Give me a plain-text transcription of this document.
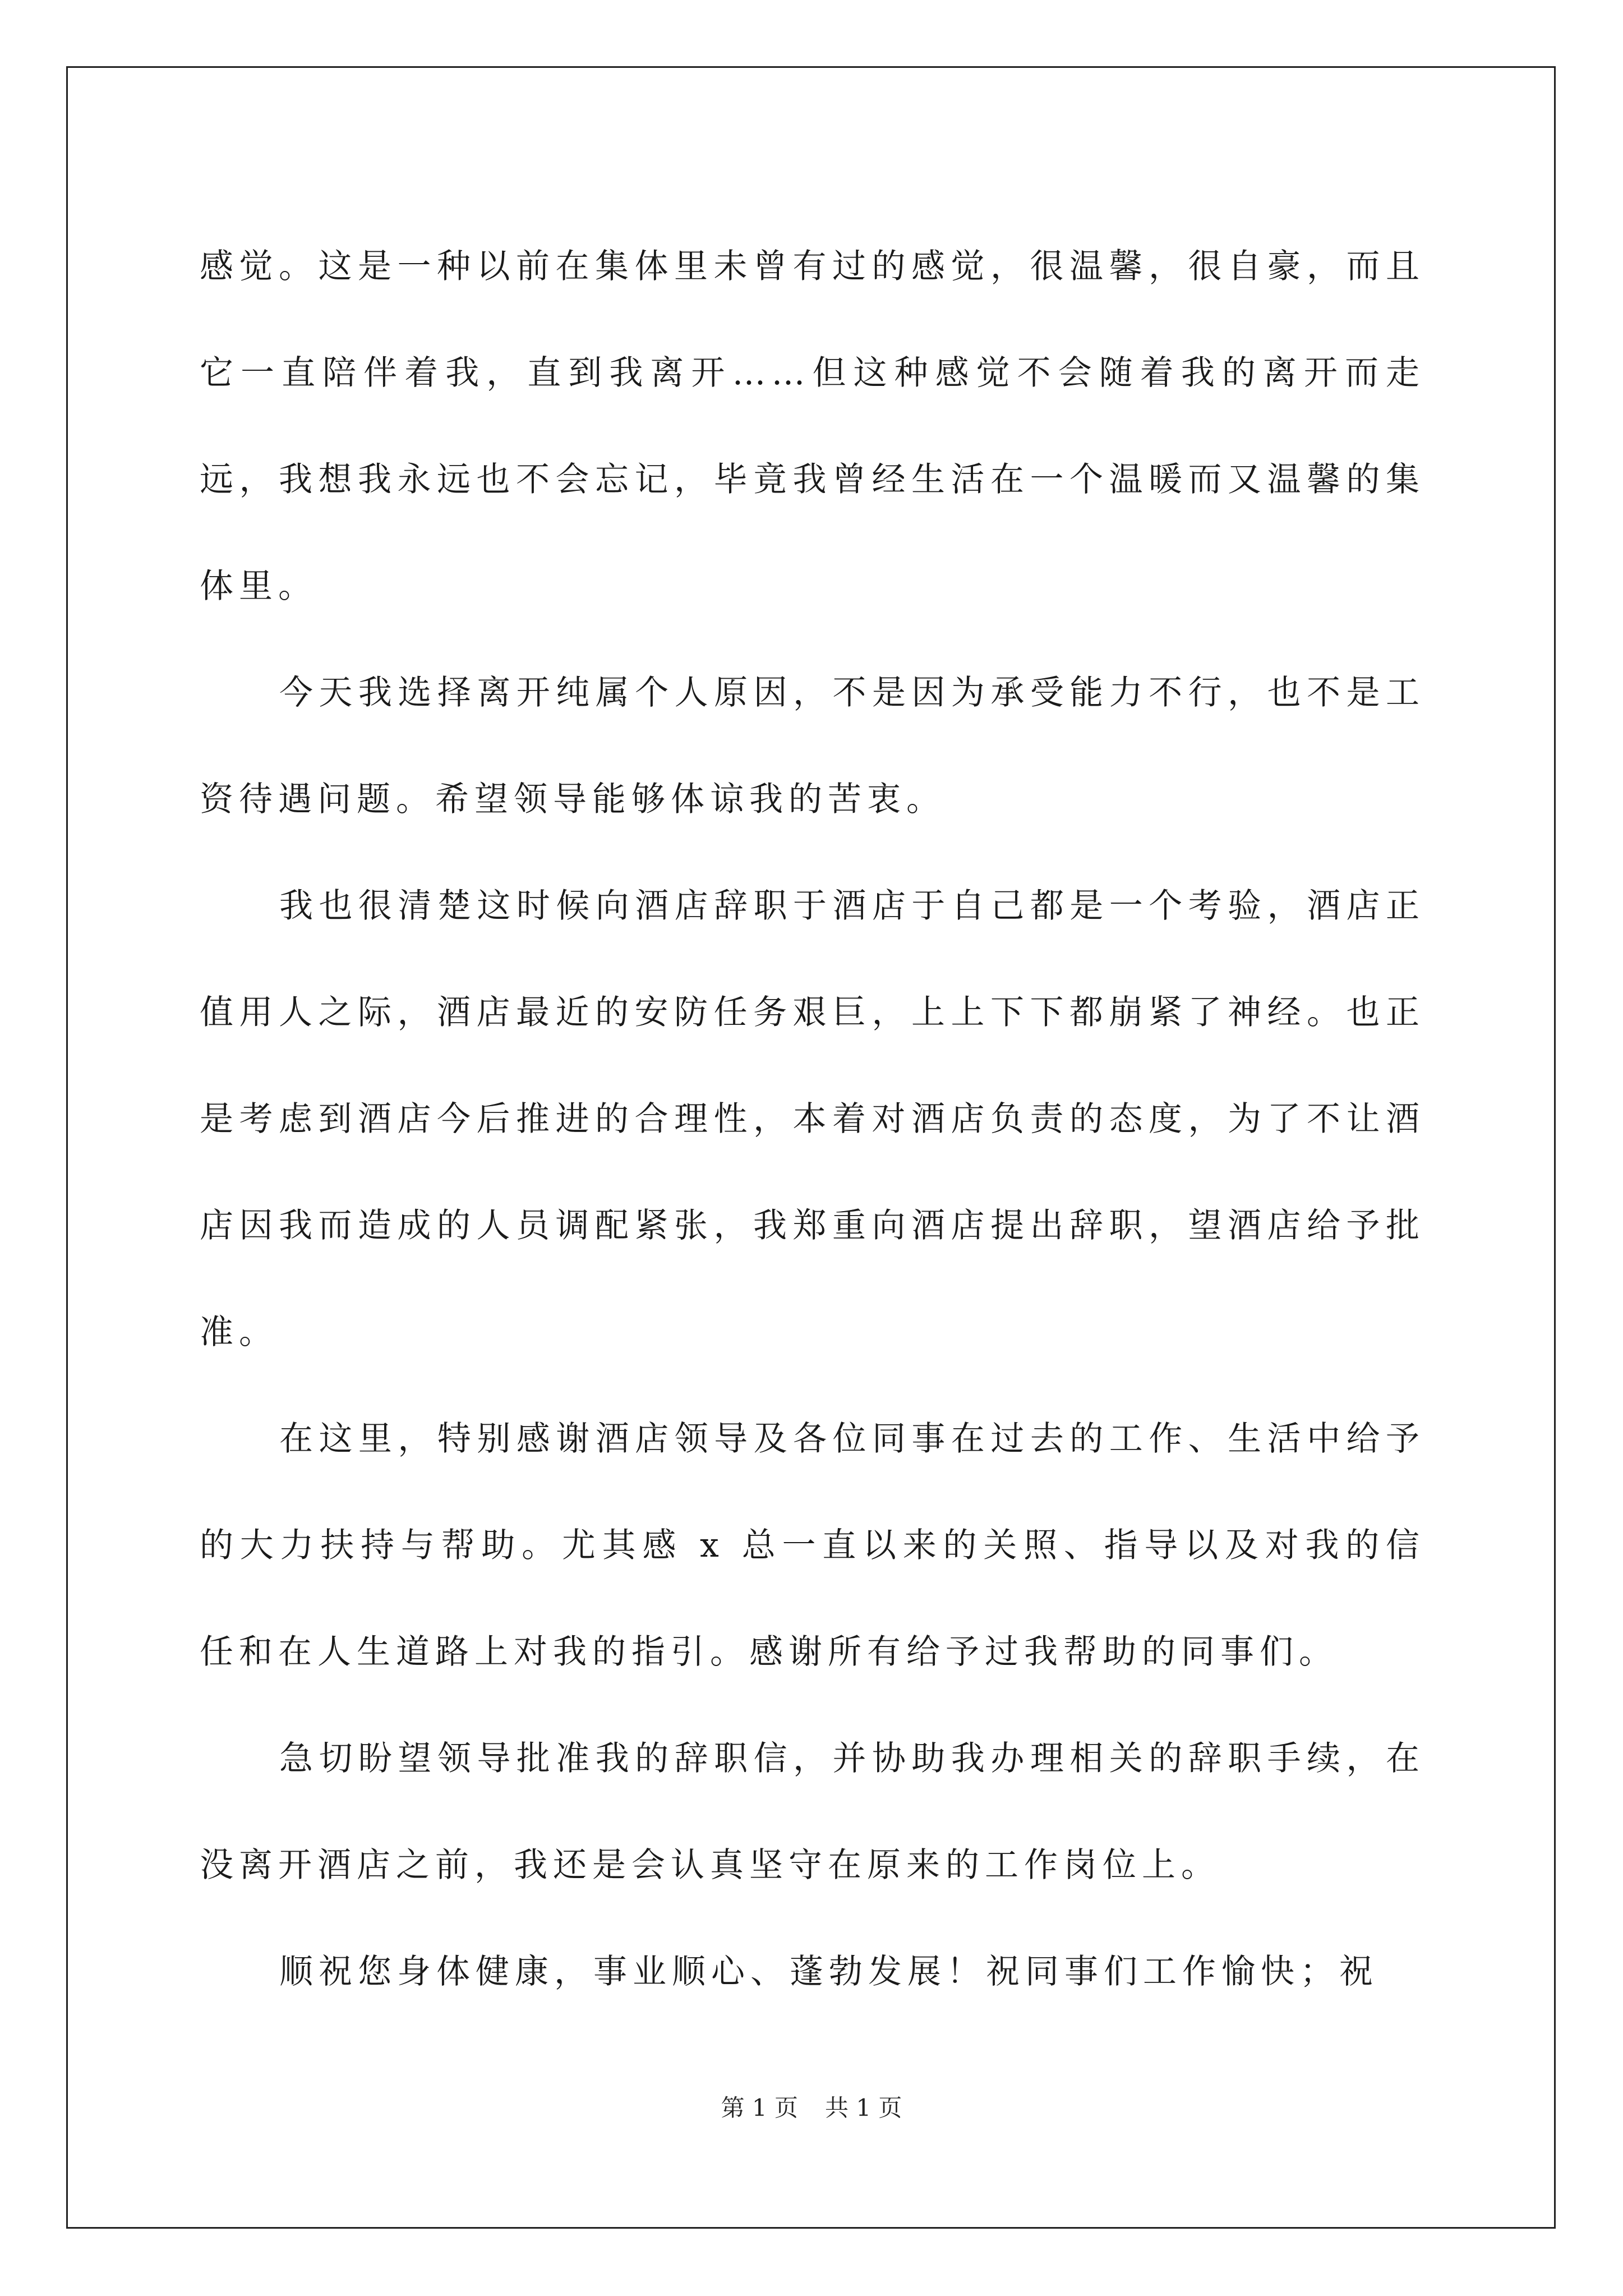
感觉。这是一种以前在集体里未曾有过的感觉，很温馨，很自豪，而且它一直陪伴着我，直到我离开……但这种感觉不会随着我的离开而走远，我想我永远也不会忘记，毕竟我曾经生活在一个温暖而又温馨的集体里。

今天我选择离开纯属个人原因，不是因为承受能力不行，也不是工资待遇问题。希望领导能够体谅我的苦衷。

我也很清楚这时候向酒店辞职于酒店于自己都是一个考验，酒店正值用人之际，酒店最近的安防任务艰巨，上上下下都崩紧了神经。也正是考虑到酒店今后推进的合理性，本着对酒店负责的态度，为了不让酒店因我而造成的人员调配紧张，我郑重向酒店提出辞职，望酒店给予批准。

在这里，特别感谢酒店领导及各位同事在过去的工作、生活中给予的大力扶持与帮助。尤其感 x 总一直以来的关照、指导以及对我的信任和在人生道路上对我的指引。感谢所有给予过我帮助的同事们。

急切盼望领导批准我的辞职信，并协助我办理相关的辞职手续，在没离开酒店之前，我还是会认真坚守在原来的工作岗位上。

顺祝您身体健康，事业顺心、蓬勃发展！祝同事们工作愉快；祝

第 1 页 共 1 页
